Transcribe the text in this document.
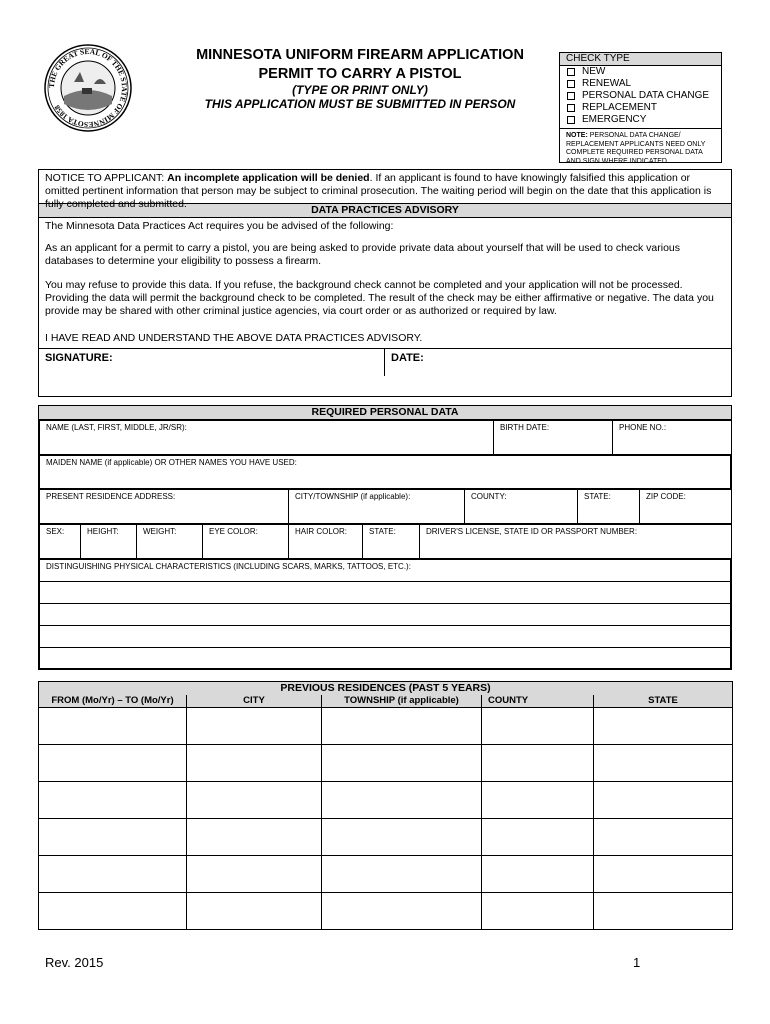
THE GREAT SEAL OF THE STATE OF MINNESOTA 1858
MINNESOTA UNIFORM FIREARM APPLICATION
PERMIT TO CARRY A PISTOL
(TYPE OR PRINT ONLY)
THIS APPLICATION MUST BE SUBMITTED IN PERSON
CHECK TYPE
NEW
RENEWAL
PERSONAL DATA CHANGE
REPLACEMENT
EMERGENCY
NOTE: PERSONAL DATA CHANGE/ REPLACEMENT APPLICANTS NEED ONLY COMPLETE REQUIRED PERSONAL DATA AND SIGN WHERE INDICATED.
NOTICE TO APPLICANT: An incomplete application will be denied. If an applicant is found to have knowingly falsified this application or omitted pertinent information that person may be subject to criminal prosecution. The waiting period will begin on the date that this application is fully completed and submitted.	DATA PRACTICES ADVISORY
The Minnesota Data Practices Act requires you be advised of the following:
As an applicant for a permit to carry a pistol, you are being asked to provide private data about yourself that will be used to check various databases to determine your eligibility to possess a firearm.
You may refuse to provide this data. If you refuse, the background check cannot be completed and your application will not be processed. Providing the data will permit the background check to be completed. The result of the check may be either affirmative or negative. The data you provide may be shared with other criminal justice agencies, via court order or as authorized or required by law.
I HAVE READ AND UNDERSTAND THE ABOVE DATA PRACTICES ADVISORY.
SIGNATURE:	DATE:
REQUIRED PERSONAL DATA
NAME (LAST, FIRST, MIDDLE, JR/SR):	BIRTH DATE:	PHONE NO.:
MAIDEN NAME (if applicable) OR OTHER NAMES YOU HAVE USED:
PRESENT RESIDENCE ADDRESS:	CITY/TOWNSHIP (if applicable):	COUNTY:	STATE:	ZIP CODE:
SEX:	HEIGHT:	WEIGHT:	EYE COLOR:	HAIR COLOR:	STATE:	DRIVER'S LICENSE, STATE ID OR PASSPORT NUMBER:
DISTINGUISHING PHYSICAL CHARACTERISTICS (INCLUDING SCARS, MARKS, TATTOOS, ETC.):

PREVIOUS RESIDENCES (PAST 5 YEARS)				
FROM (Mo/Yr) – TO (Mo/Yr)	CITY	TOWNSHIP (if applicable)	COUNTY	STATE

Rev. 2015	1
